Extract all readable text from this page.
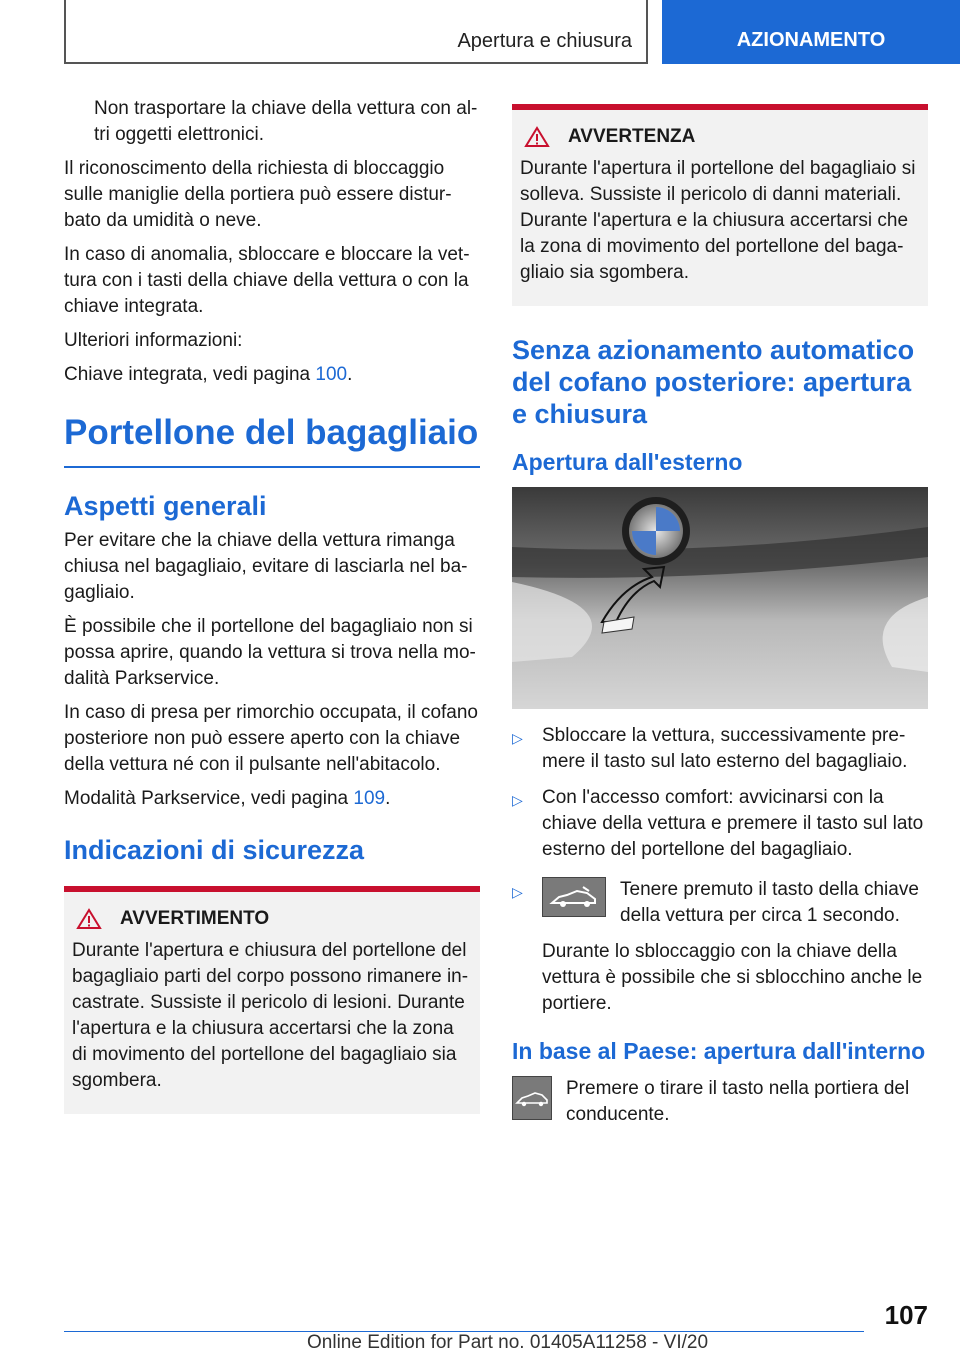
Apertura e chiusura	AZIONAMENTO

Non trasportare la chiave della vettura con al‐tri oggetti elettronici.

Il riconoscimento della richiesta di bloccaggio sulle maniglie della portiera può essere distur‐bato da umidità o neve.

In caso di anomalia, sbloccare e bloccare la vet‐tura con i tasti della chiave della vettura o con la chiave integrata.

Ulteriori informazioni:

Chiave integrata, vedi pagina 100.

Portellone del bagagliaio
Aspetti generali

Per evitare che la chiave della vettura rimanga chiusa nel bagagliaio, evitare di lasciarla nel ba‐gagliaio.

È possibile che il portellone del bagagliaio non si possa aprire, quando la vettura si trova nella mo‐dalità Parkservice.

In caso di presa per rimorchio occupata, il cofano posteriore non può essere aperto con la chiave della vettura né con il pulsante nell'abitacolo.

Modalità Parkservice, vedi pagina 109.

Indicazioni di sicurezza
AVVERTIMENTO
Durante l'apertura e chiusura del portellone del bagagliaio parti del corpo possono rimanere in‐castrate. Sussiste il pericolo di lesioni. Durante l'apertura e la chiusura accertarsi che la zona di movimento del portellone del bagagliaio sia sgombera.
AVVERTENZA
Durante l'apertura il portellone del bagagliaio si solleva. Sussiste il pericolo di danni materiali. Durante l'apertura e la chiusura accertarsi che la zona di movimento del portellone del baga‐gliaio sia sgombera.
Senza azionamento automatico del cofano posteriore: apertura e chiusura
Apertura dall'esterno
▷	Sbloccare la vettura, successivamente pre‐mere il tasto sul lato esterno del bagagliaio.
▷	Con l'accesso comfort: avvicinarsi con la chiave della vettura e premere il tasto sul lato esterno del portellone del bagagliaio.
▷	Tenere premuto il tasto della chiave della vettura per circa 1 secondo.

Durante lo sbloccaggio con la chiave della vettura è possibile che si sblocchino anche le portiere.

In base al Paese: apertura dall'interno
Premere o tirare il tasto nella portiera del conducente.
107
Online Edition for Part no. 01405A11258 - VI/20
